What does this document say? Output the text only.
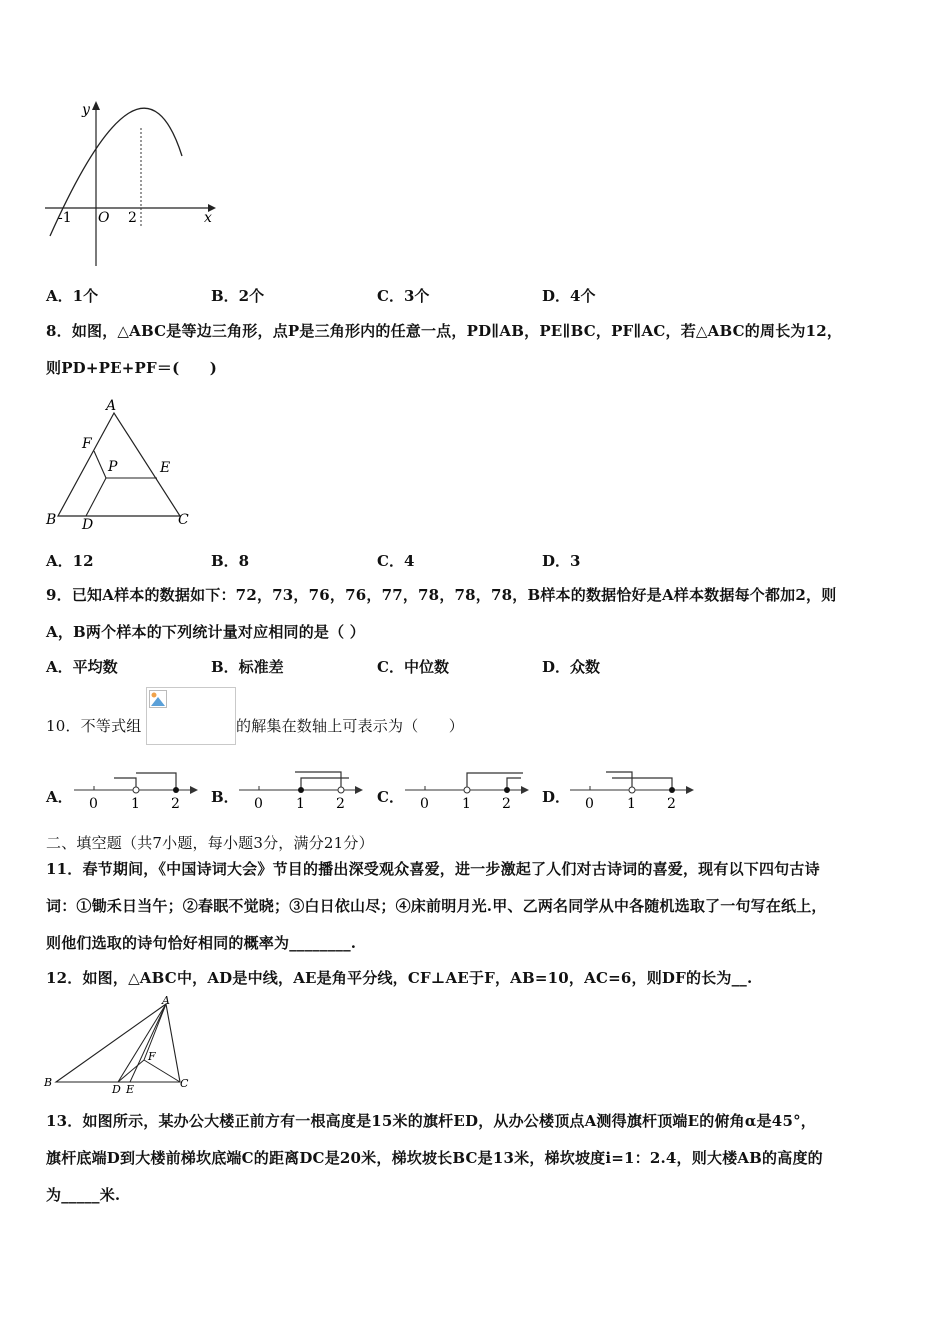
y
x
O
-1	2
A．1个	B．2个	C．3个	D．4个
8．如图，△ABC是等边三角形，点P是三角形内的任意一点，PD∥AB，PE∥BC，PF∥AC，若△ABC的周长为12，
则PD+PE+PF＝(　　)
A
B	C
D
E
F
P
A．12	B．8	C．4	D．3
9．已知A样本的数据如下：72，73，76，76，77，78，78，78，B样本的数据恰好是A样本数据每个都加2，则
A，B两个样本的下列统计量对应相同的是（ ）
A．平均数	B．标准差	C．中位数	D．众数
10．不等式组	的解集在数轴上可表示为（　　）
A． 0 1 2 B． 0 1 2 C． 0 1 2 D． 0 1 2
二、填空题（共7小题，每小题3分，满分21分）
11．春节期间，《中国诗词大会》节目的播出深受观众喜爱，进一步激起了人们对古诗词的喜爱，现有以下四句古诗
词：①锄禾日当午；②春眠不觉晓；③白日依山尽；④床前明月光.甲、乙两名同学从中各随机选取了一句写在纸上，
则他们选取的诗句恰好相同的概率为________.
12．如图，△ABC中，AD是中线，AE是角平分线，CF⊥AE于F，AB=10，AC=6，则DF的长为__.
A
B	C
D E
F
13．如图所示，某办公大楼正前方有一根高度是15米的旗杆ED，从办公楼顶点A测得旗杆顶端E的俯角α是45°，
旗杆底端D到大楼前梯坎底端C的距离DC是20米，梯坎坡长BC是13米，梯坎坡度i=1：2.4，则大楼AB的高度的
为_____米.
